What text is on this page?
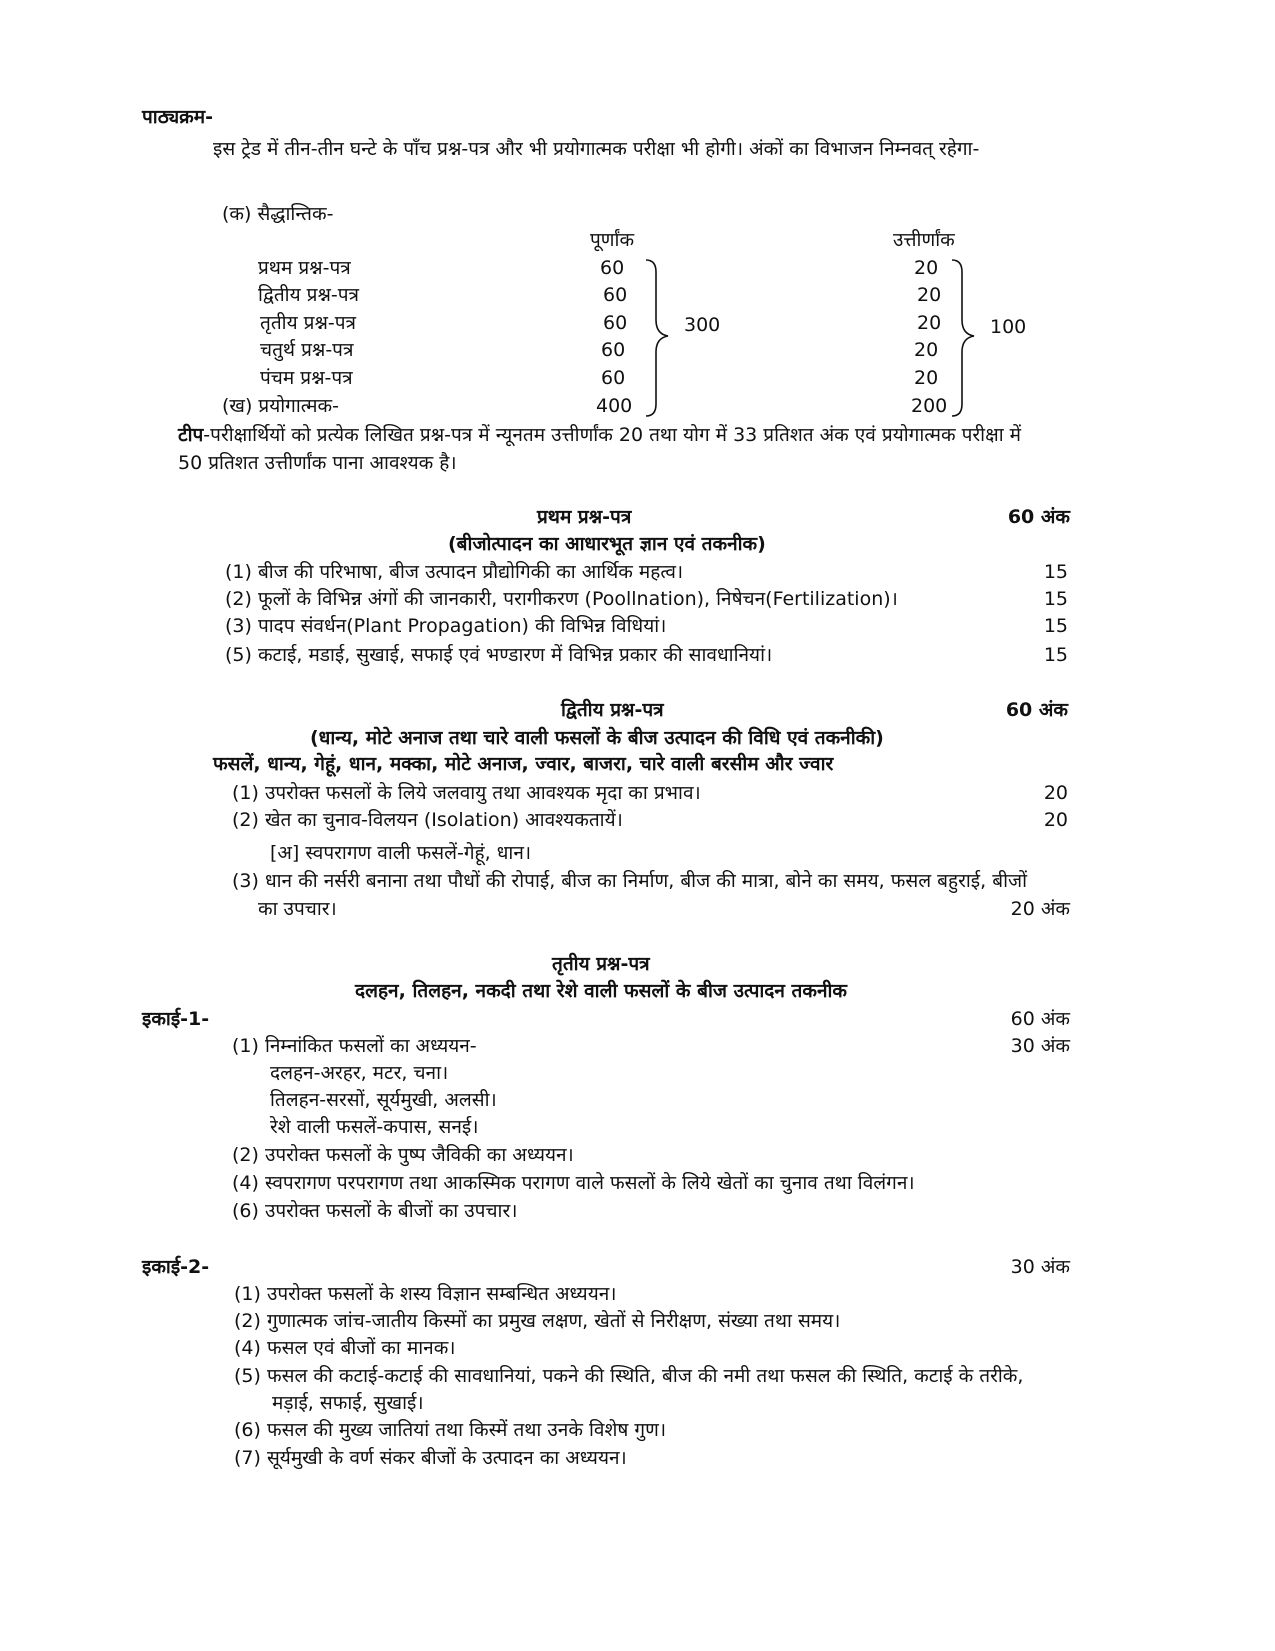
पाठ्यक्रम-
इस ट्रेड में तीन-तीन घन्टे के पाँच प्रश्न-पत्र और भी प्रयोगात्मक परीक्षा भी होगी। अंकों का विभाजन निम्नवत् रहेगा-
(क) सैद्धान्तिक-
पूर्णांक	उत्तीर्णांक
प्रथम प्रश्न-पत्र	60	20
द्वितीय प्रश्न-पत्र	60	20
तृतीय प्रश्न-पत्र	60	20
चतुर्थ प्रश्न-पत्र	60	20
पंचम प्रश्न-पत्र	60	20
(ख) प्रयोगात्मक-	400	200
300	100
टीप-परीक्षार्थियों को प्रत्येक लिखित प्रश्न-पत्र में न्यूनतम उत्तीर्णांक 20 तथा योग में 33 प्रतिशत अंक एवं प्रयोगात्मक परीक्षा में
50 प्रतिशत उत्तीर्णांक पाना आवश्यक है।
प्रथम प्रश्न-पत्र	60 अंक
(बीजोत्पादन का आधारभूत ज्ञान एवं तकनीक)
(1) बीज की परिभाषा, बीज उत्पादन प्रौद्योगिकी का आर्थिक महत्व।	15
(2) फूलों के विभिन्न अंगों की जानकारी, परागीकरण (Poollnation), निषेचन(Fertilization)।	15
(3) पादप संवर्धन(Plant Propagation) की विभिन्न विधियां।	15
(5) कटाई, मडाई, सुखाई, सफाई एवं भण्डारण में विभिन्न प्रकार की सावधानियां।	15
द्वितीय प्रश्न-पत्र	60 अंक
(धान्य, मोटे अनाज तथा चारे वाली फसलों के बीज उत्पादन की विधि एवं तकनीकी)
फसलें, धान्य, गेहूं, धान, मक्का, मोटे अनाज, ज्वार, बाजरा, चारे वाली बरसीम और ज्वार
(1) उपरोक्त फसलों के लिये जलवायु तथा आवश्यक मृदा का प्रभाव।	20
(2) खेत का चुनाव-विलयन (Isolation) आवश्यकतायें।	20
[अ] स्वपरागण वाली फसलें-गेहूं, धान।
(3) धान की नर्सरी बनाना तथा पौधों की रोपाई, बीज का निर्माण, बीज की मात्रा, बोने का समय, फसल बहुराई, बीजों
का उपचार।	20 अंक
तृतीय प्रश्न-पत्र
दलहन, तिलहन, नकदी तथा रेशे वाली फसलों के बीज उत्पादन तकनीक
इकाई-1-	60 अंक
(1) निम्नांकित फसलों का अध्ययन-	30 अंक
दलहन-अरहर, मटर, चना।
तिलहन-सरसों, सूर्यमुखी, अलसी।
रेशे वाली फसलें-कपास, सनई।
(2) उपरोक्त फसलों के पुष्प जैविकी का अध्ययन।
(4) स्वपरागण परपरागण तथा आकस्मिक परागण वाले फसलों के लिये खेतों का चुनाव तथा विलंगन।
(6) उपरोक्त फसलों के बीजों का उपचार।
इकाई-2-	30 अंक
(1) उपरोक्त फसलों के शस्य विज्ञान सम्बन्धित अध्ययन।
(2) गुणात्मक जांच-जातीय किस्मों का प्रमुख लक्षण, खेतों से निरीक्षण, संख्या तथा समय।
(4) फसल एवं बीजों का मानक।
(5) फसल की कटाई-कटाई की सावधानियां, पकने की स्थिति, बीज की नमी तथा फसल की स्थिति, कटाई के तरीके,
मड़ाई, सफाई, सुखाई।
(6) फसल की मुख्य जातियां तथा किस्में तथा उनके विशेष गुण।
(7) सूर्यमुखी के वर्ण संकर बीजों के उत्पादन का अध्ययन।
